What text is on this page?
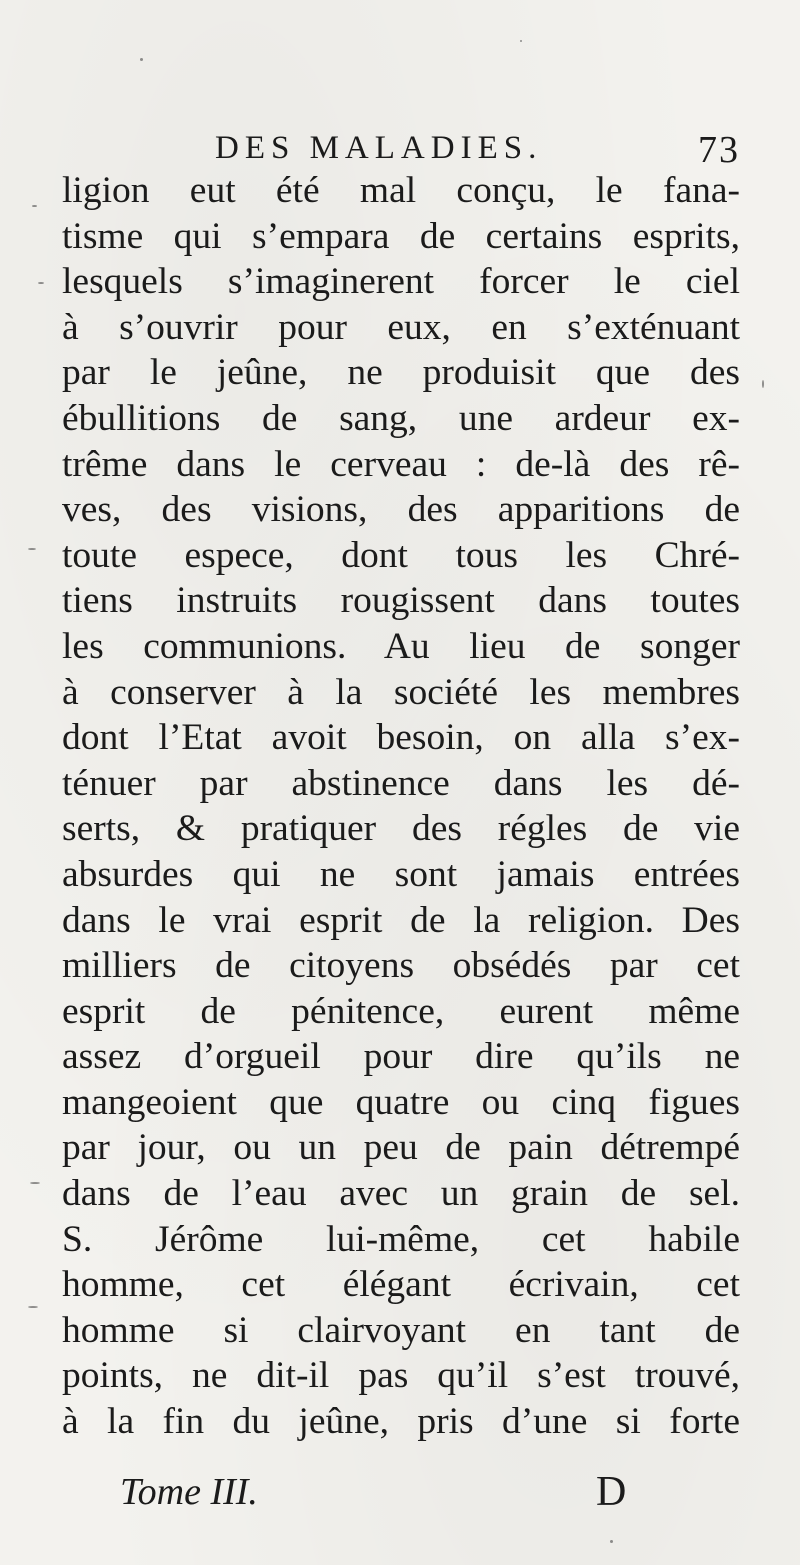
DES MALADIES.	73
ligion eut été mal conçu, le fana-
tisme qui s’empara de certains esprits,
lesquels s’imaginerent forcer le ciel
à s’ouvrir pour eux, en s’exténuant
par le jeûne, ne produisit que des
ébullitions de sang, une ardeur ex-
trême dans le cerveau : de-là des rê-
ves, des visions, des apparitions de
toute espece, dont tous les Chré-
tiens instruits rougissent dans toutes
les communions. Au lieu de songer
à conserver à la société les membres
dont l’Etat avoit besoin, on alla s’ex-
ténuer par abstinence dans les dé-
serts, & pratiquer des régles de vie
absurdes qui ne sont jamais entrées
dans le vrai esprit de la religion. Des
milliers de citoyens obsédés par cet
esprit de pénitence, eurent même
assez d’orgueil pour dire qu’ils ne
mangeoient que quatre ou cinq figues
par jour, ou un peu de pain détrempé
dans de l’eau avec un grain de sel.
S. Jérôme lui-même, cet habile
homme, cet élégant écrivain, cet
homme si clairvoyant en tant de
points, ne dit-il pas qu’il s’est trouvé,
à la fin du jeûne, pris d’une si forte
Tome III.	D
